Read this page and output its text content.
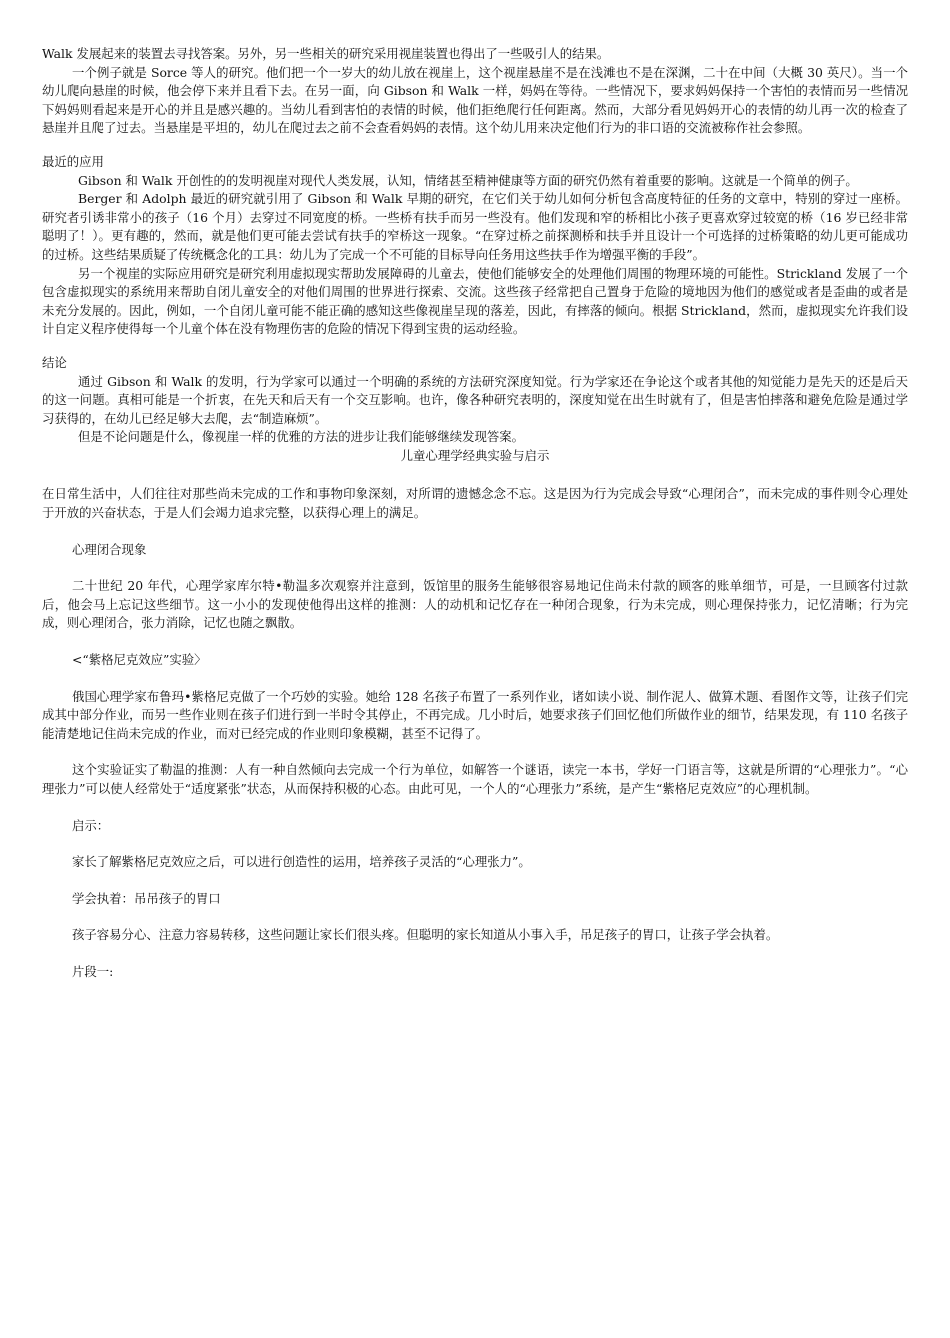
Walk 发展起来的装置去寻找答案。另外，另一些相关的研究采用视崖装置也得出了一些吸引人的结果。

一个例子就是 Sorce 等人的研究。他们把一个一岁大的幼儿放在视崖上，这个视崖悬崖不是在浅滩也不是在深渊，二十在中间（大概 30 英尺）。当一个幼儿爬向悬崖的时候，他会停下来并且看下去。在另一面，向 Gibson 和 Walk 一样，妈妈在等待。一些情况下，要求妈妈保持一个害怕的表情而另一些情况下妈妈则看起来是开心的并且是感兴趣的。当幼儿看到害怕的表情的时候，他们拒绝爬行任何距离。然而，大部分看见妈妈开心的表情的幼儿再一次的检查了悬崖并且爬了过去。当悬崖是平坦的，幼儿在爬过去之前不会查看妈妈的表情。这个幼儿用来决定他们行为的非口语的交流被称作社会参照。

最近的应用

Gibson 和 Walk 开创性的的发明视崖对现代人类发展，认知，情绪甚至精神健康等方面的研究仍然有着重要的影响。这就是一个简单的例子。

Berger 和 Adolph 最近的研究就引用了 Gibson 和 Walk 早期的研究，在它们关于幼儿如何分析包含高度特征的任务的文章中，特别的穿过一座桥。研究者引诱非常小的孩子（16 个月）去穿过不同宽度的桥。一些桥有扶手而另一些没有。他们发现和窄的桥相比小孩子更喜欢穿过较宽的桥（16 岁已经非常聪明了！）。更有趣的，然而，就是他们更可能去尝试有扶手的窄桥这一现象。“在穿过桥之前探测桥和扶手并且设计一个可选择的过桥策略的幼儿更可能成功的过桥。这些结果质疑了传统概念化的工具：幼儿为了完成一个不可能的目标导向任务用这些扶手作为增强平衡的手段”。

另一个视崖的实际应用研究是研究利用虚拟现实帮助发展障碍的儿童去，使他们能够安全的处理他们周围的物理环境的可能性。Strickland 发展了一个包含虚拟现实的系统用来帮助自闭儿童安全的对他们周围的世界进行探索、交流。这些孩子经常把自己置身于危险的境地因为他们的感觉或者是歪曲的或者是未充分发展的。因此，例如，一个自闭儿童可能不能正确的感知这些像视崖呈现的落差，因此，有摔落的倾向。根据 Strickland，然而，虚拟现实允许我们设计自定义程序使得每一个儿童个体在没有物理伤害的危险的情况下得到宝贵的运动经验。

结论

通过 Gibson 和 Walk 的发明，行为学家可以通过一个明确的系统的方法研究深度知觉。行为学家还在争论这个或者其他的知觉能力是先天的还是后天的这一问题。真相可能是一个折衷，在先天和后天有一个交互影响。也许，像各种研究表明的，深度知觉在出生时就有了，但是害怕摔落和避免危险是通过学习获得的，在幼儿已经足够大去爬，去“制造麻烦”。

但是不论问题是什么，像视崖一样的优雅的方法的进步让我们能够继续发现答案。

儿童心理学经典实验与启示

在日常生活中，人们往往对那些尚未完成的工作和事物印象深刻，对所谓的遗憾念念不忘。这是因为行为完成会导致“心理闭合”，而未完成的事件则令心理处于开放的兴奋状态，于是人们会竭力追求完整，以获得心理上的满足。

心理闭合现象

二十世纪 20 年代，心理学家库尔特•勒温多次观察并注意到，饭馆里的服务生能够很容易地记住尚未付款的顾客的账单细节，可是，一旦顾客付过款后，他会马上忘记这些细节。这一小小的发现使他得出这样的推测：人的动机和记忆存在一种闭合现象，行为未完成，则心理保持张力，记忆清晰；行为完成，则心理闭合，张力消除，记忆也随之飘散。

<“紫格尼克效应”实验〉

俄国心理学家布鲁玛•紫格尼克做了一个巧妙的实验。她给 128 名孩子布置了一系列作业，诸如读小说、制作泥人、做算术题、看图作文等，让孩子们完成其中部分作业，而另一些作业则在孩子们进行到一半时令其停止，不再完成。几小时后，她要求孩子们回忆他们所做作业的细节，结果发现，有 110 名孩子能清楚地记住尚未完成的作业，而对已经完成的作业则印象模糊，甚至不记得了。

这个实验证实了勒温的推测：人有一种自然倾向去完成一个行为单位，如解答一个谜语，读完一本书，学好一门语言等，这就是所谓的“心理张力”。“心理张力”可以使人经常处于“适度紧张”状态，从而保持积极的心态。由此可见，一个人的“心理张力”系统，是产生“紫格尼克效应”的心理机制。

启示：

家长了解紫格尼克效应之后，可以进行创造性的运用，培养孩子灵活的“心理张力”。

学会执着：吊吊孩子的胃口

孩子容易分心、注意力容易转移，这些问题让家长们很头疼。但聪明的家长知道从小事入手，吊足孩子的胃口，让孩子学会执着。

片段一:
